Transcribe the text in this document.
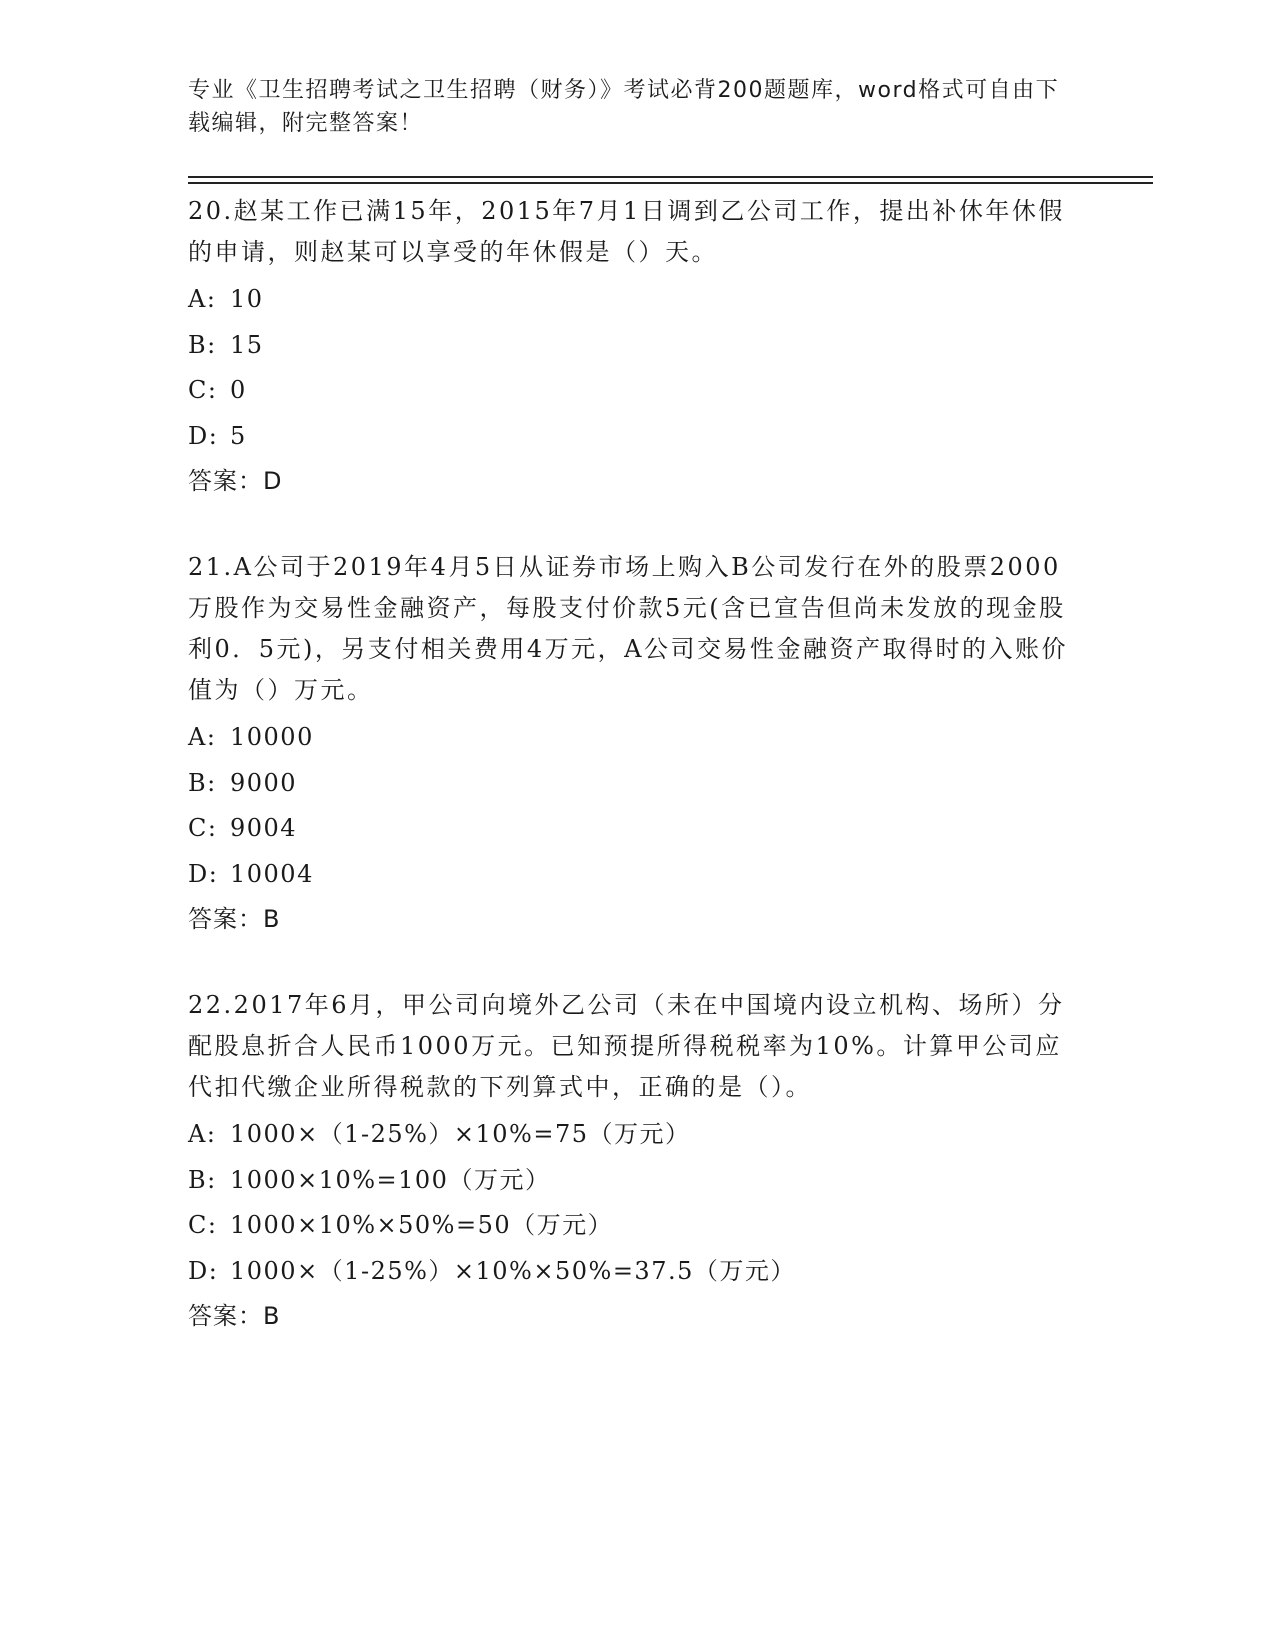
专业《卫生招聘考试之卫生招聘（财务）》考试必背200题题库，word格式可自由下载编辑，附完整答案！
20.赵某工作已满15年，2015年7月1日调到乙公司工作，提出补休年休假的申请，则赵某可以享受的年休假是（）天。
A: 10
B: 15
C: 0
D: 5
答案：D
21.A公司于2019年4月5日从证券市场上购入B公司发行在外的股票2000万股作为交易性金融资产，每股支付价款5元(含已宣告但尚未发放的现金股利0．5元)，另支付相关费用4万元，A公司交易性金融资产取得时的入账价值为（）万元。
A: 10000
B: 9000
C: 9004
D: 10004
答案：B
22.2017年6月，甲公司向境外乙公司（未在中国境内设立机构、场所）分配股息折合人民币1000万元。已知预提所得税税率为10%。计算甲公司应代扣代缴企业所得税款的下列算式中，正确的是（）。
A: 1000×（1-25%）×10%=75（万元）
B: 1000×10%=100（万元）
C: 1000×10%×50%=50（万元）
D: 1000×（1-25%）×10%×50%=37.5（万元）
答案：B
